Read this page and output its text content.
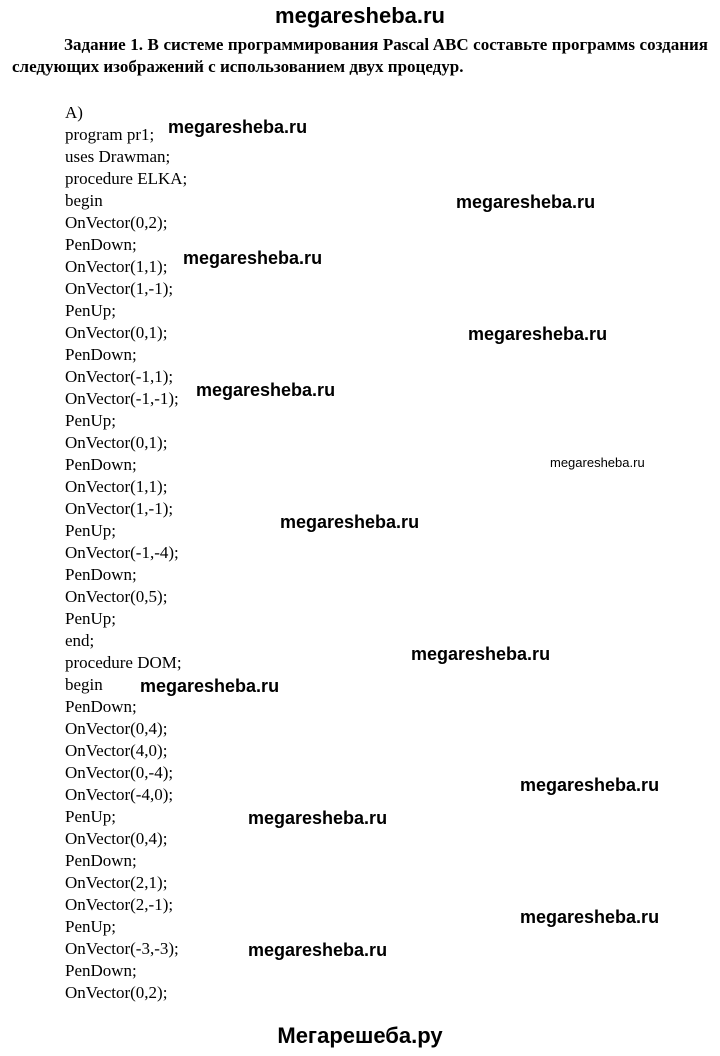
megaresheba.ru
Задание 1. В системе программирования Pascal ABC составьте программs создания следующих изображений с использованием двух процедур.
А)
program pr1;
uses Drawman;
procedure ELKA;
begin
OnVector(0,2);
PenDown;
OnVector(1,1);
OnVector(1,-1);
PenUp;
OnVector(0,1);
PenDown;
OnVector(-1,1);
OnVector(-1,-1);
PenUp;
OnVector(0,1);
PenDown;
OnVector(1,1);
OnVector(1,-1);
PenUp;
OnVector(-1,-4);
PenDown;
OnVector(0,5);
PenUp;
end;
procedure DOM;
begin
PenDown;
OnVector(0,4);
OnVector(4,0);
OnVector(0,-4);
OnVector(-4,0);
PenUp;
OnVector(0,4);
PenDown;
OnVector(2,1);
OnVector(2,-1);
PenUp;
OnVector(-3,-3);
PenDown;
OnVector(0,2);
megaresheba.ru
megaresheba.ru
megaresheba.ru
megaresheba.ru
megaresheba.ru
megaresheba.ru
megaresheba.ru
megaresheba.ru
megaresheba.ru
megaresheba.ru
megaresheba.ru
megaresheba.ru
megaresheba.ru
Мегарешеба.ру
